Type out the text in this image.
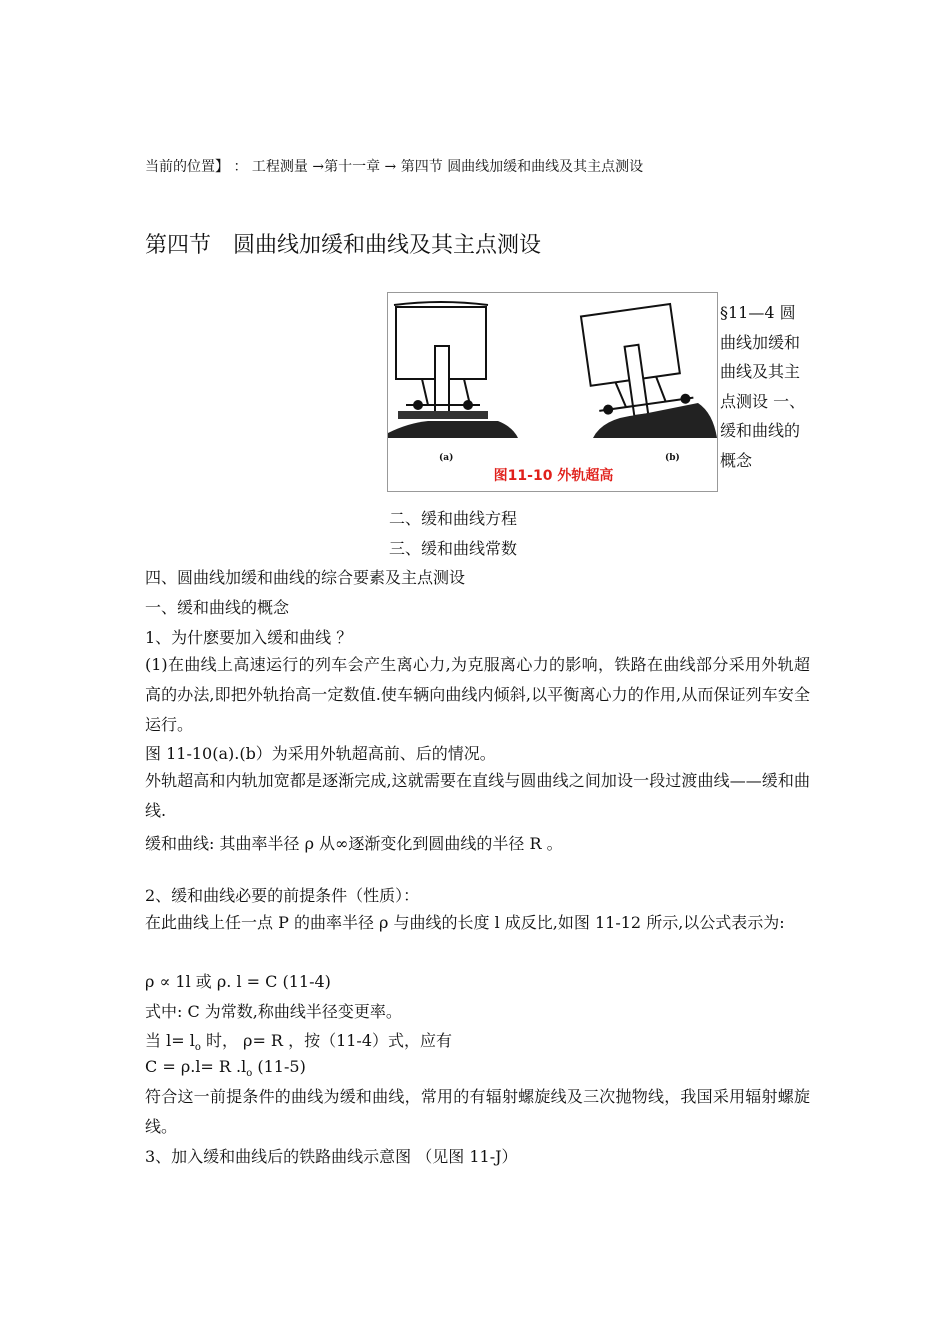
当前的位置】 ： 工程测量 →第十一章 → 第四节 圆曲线加缓和曲线及其主点测设
第四节　圆曲线加缓和曲线及其主点测设
(a)	(b)
图11-10 外轨超高
§11—4 圆曲线加缓和曲线及其主点测设 一、缓和曲线的概念
二、缓和曲线方程
三、缓和曲线常数
四、圆曲线加缓和曲线的综合要素及主点测设
一、缓和曲线的概念
1、为什麽要加入缓和曲线 ？
(1)在曲线上高速运行的列车会产生离心力,为克服离心力的影响，铁路在曲线部分采用外轨超高的办法,即把外轨抬高一定数值.使车辆向曲线内倾斜,以平衡离心力的作用,从而保证列车安全运行。
图 11-10(a).(b）为采用外轨超高前、后的情况。
外轨超高和内轨加宽都是逐渐完成,这就需要在直线与圆曲线之间加设一段过渡曲线——缓和曲线.
缓和曲线: 其曲率半径 ρ 从∞逐渐变化到圆曲线的半径 R 。
2、缓和曲线必要的前提条件（性质）：
在此曲线上任一点 P 的曲率半径 ρ 与曲线的长度 l 成反比,如图 11-12 所示,以公式表示为:
ρ ∝ 1l 或 ρ. l = C (11-4)
式中: C 为常数,称曲线半径变更率。
当 $l= l_o$ 时， ρ= R ，按（11-4）式，应有
C = ρ.l= R $.l_o$ (11-5)
符合这一前提条件的曲线为缓和曲线，常用的有辐射螺旋线及三次抛物线，我国采用辐射螺旋线。
3、加入缓和曲线后的铁路曲线示意图 （见图 11-J）
